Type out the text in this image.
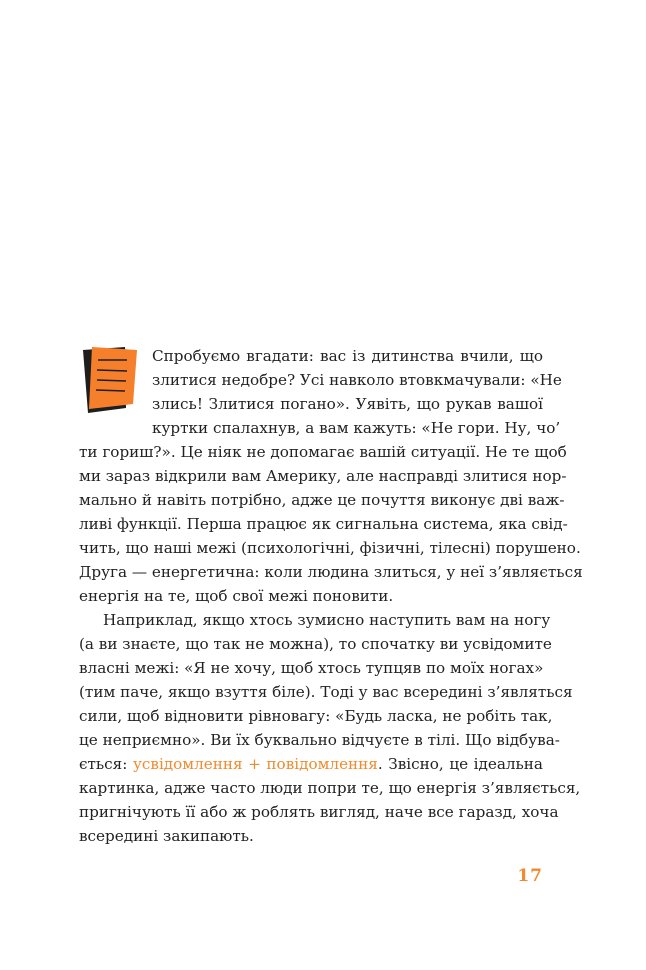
Спробуємо вгадати: вас із дитинства вчили, що
злитися недобре? Усі навколо втовкмачували: «Не
злись! Злитися погано». Уявіть, що рукав вашої
куртки спалахнув, а вам кажуть: «Не гори. Ну, чо’
ти гориш?». Це ніяк не допомагає вашій ситуації. Не те щоб
ми зараз відкрили вам Америку, але насправді злитися нор-
мально й навіть потрібно, адже це почуття виконує дві важ-
ливі функції. Перша працює як сигнальна система, яка свід-
чить, що наші межі (психологічні, фізичні, тілесні) порушено.
Друга — енергетична: коли людина злиться, у неї з’являється
енергія на те, щоб свої межі поновити.
Наприклад, якщо хтось зумисно наступить вам на ногу
(а ви знаєте, що так не можна), то спочатку ви усвідомите
власні межі: «Я не хочу, щоб хтось тупцяв по моїх ногах»
(тим паче, якщо взуття біле). Тоді у вас всередині з’являться
сили, щоб відновити рівновагу: «Будь ласка, не робіть так,
це неприємно». Ви їх буквально відчуєте в тілі. Що відбува-
ється: усвідомлення + повідомлення. Звісно, це ідеальна
картинка, адже часто люди попри те, що енергія з’являється,
пригнічують її або ж роблять вигляд, наче все гаразд, хоча
всередині закипають.
17
